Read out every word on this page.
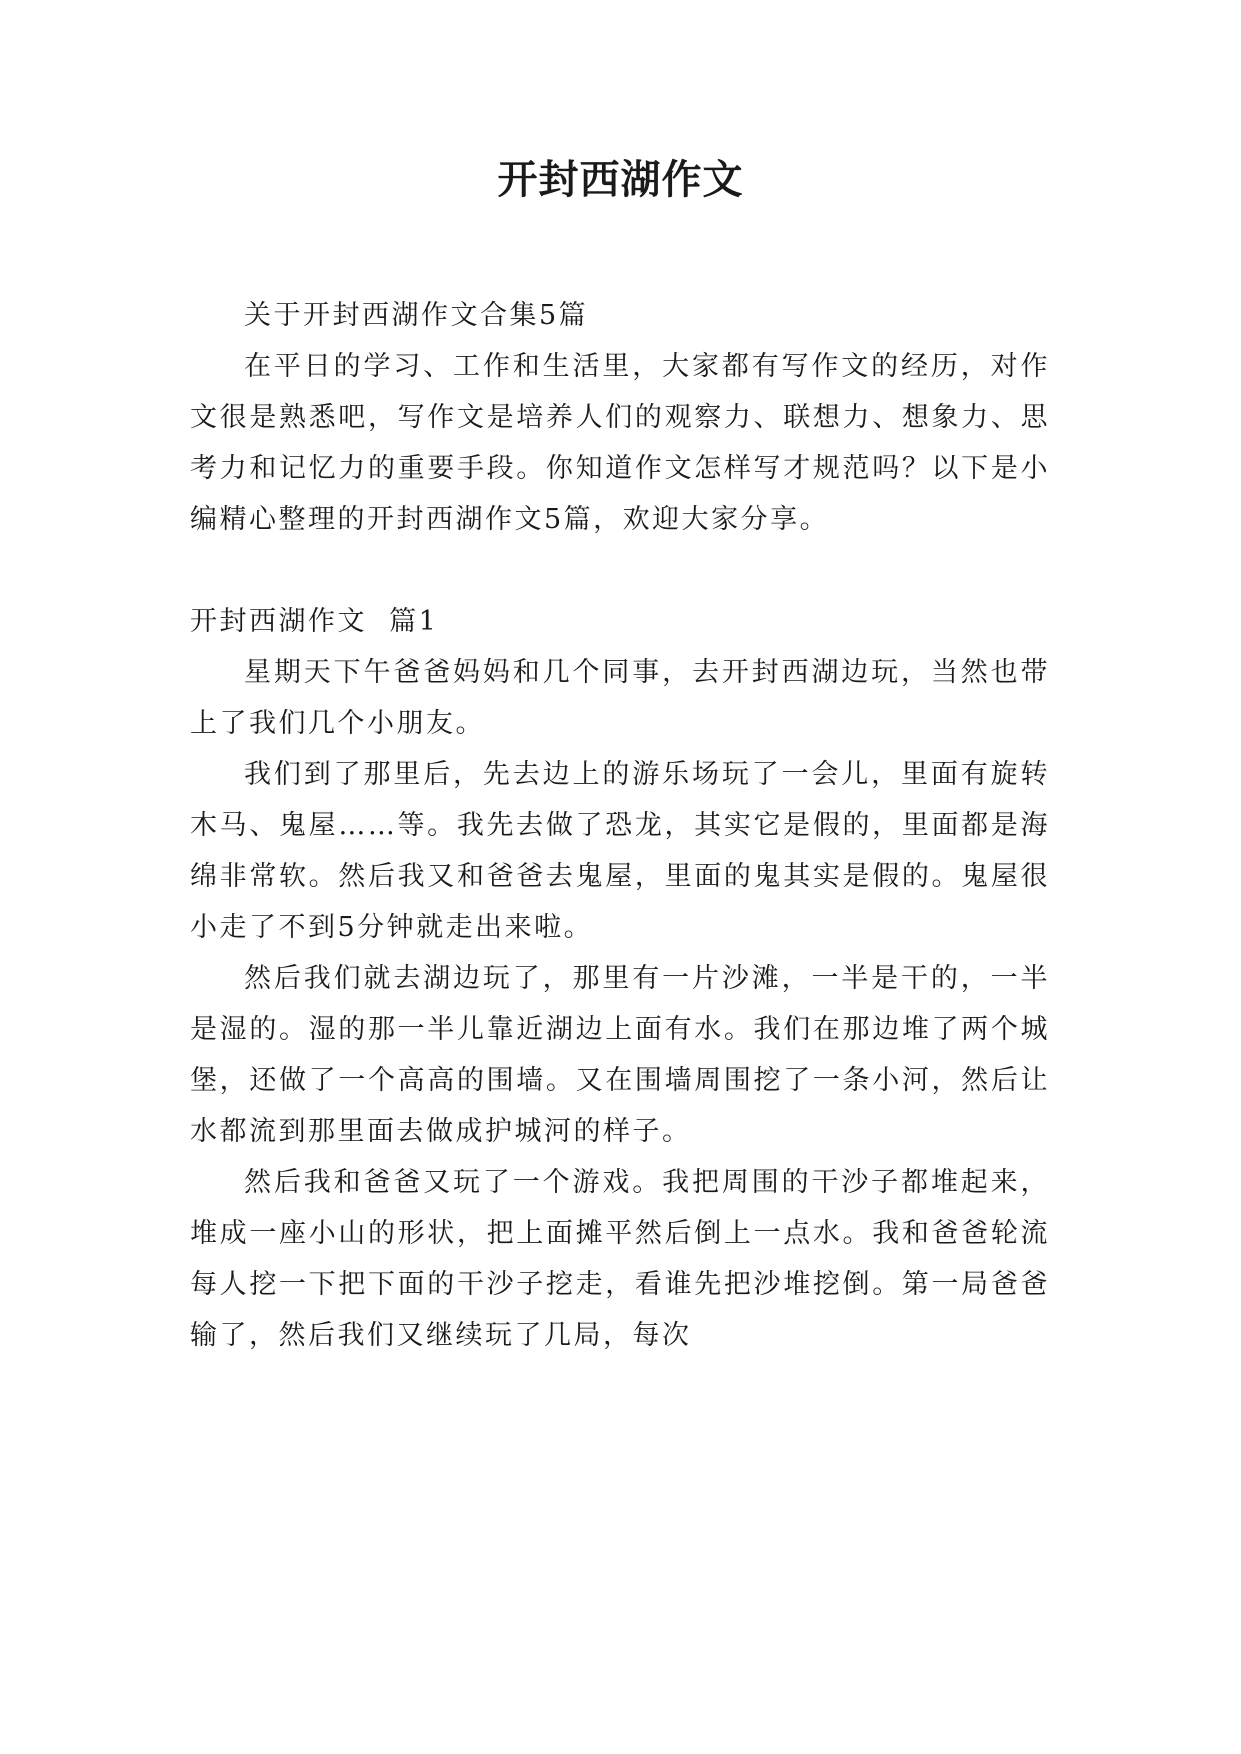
开封西湖作文

关于开封西湖作文合集5篇

在平日的学习、工作和生活里，大家都有写作文的经历，对作文很是熟悉吧，写作文是培养人们的观察力、联想力、想象力、思考力和记忆力的重要手段。你知道作文怎样写才规范吗？以下是小编精心整理的开封西湖作文5篇，欢迎大家分享。

开封西湖作文  篇1

星期天下午爸爸妈妈和几个同事，去开封西湖边玩，当然也带上了我们几个小朋友。

我们到了那里后，先去边上的游乐场玩了一会儿，里面有旋转木马、鬼屋……等。我先去做了恐龙，其实它是假的，里面都是海绵非常软。然后我又和爸爸去鬼屋，里面的鬼其实是假的。鬼屋很小走了不到5分钟就走出来啦。

然后我们就去湖边玩了，那里有一片沙滩，一半是干的，一半是湿的。湿的那一半儿靠近湖边上面有水。我们在那边堆了两个城堡，还做了一个高高的围墙。又在围墙周围挖了一条小河，然后让水都流到那里面去做成护城河的样子。

然后我和爸爸又玩了一个游戏。我把周围的干沙子都堆起来，堆成一座小山的形状，把上面摊平然后倒上一点水。我和爸爸轮流每人挖一下把下面的干沙子挖走，看谁先把沙堆挖倒。第一局爸爸输了，然后我们又继续玩了几局，每次
